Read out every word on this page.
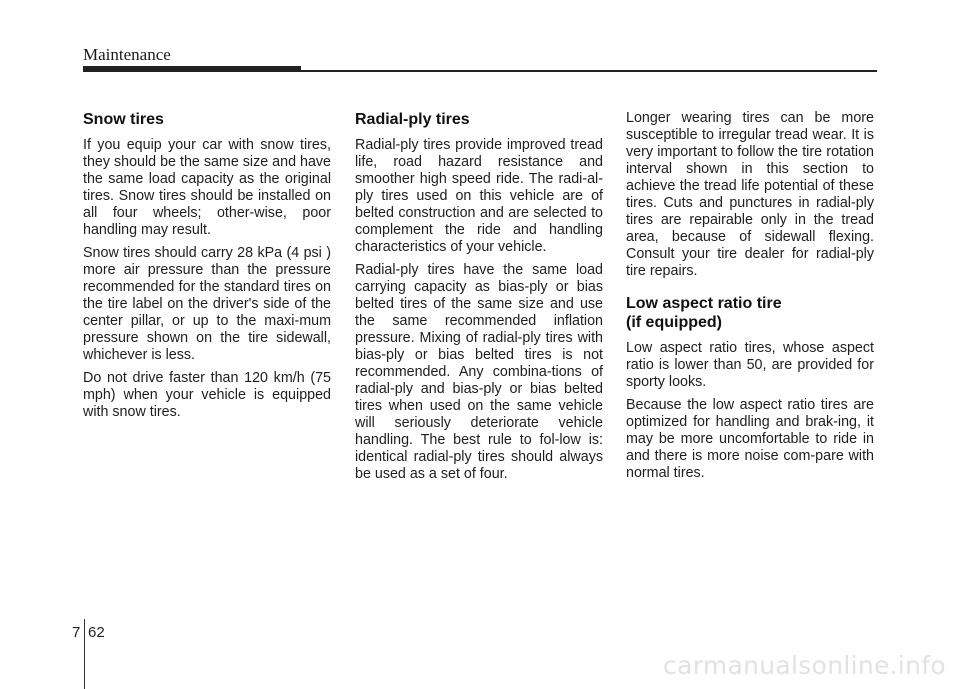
Maintenance
Snow tires

If you equip your car with snow tires, they should be the same size and have the same load capacity as the original tires. Snow tires should be installed on all four wheels; other-wise, poor handling may result.

Snow tires should carry 28 kPa (4 psi ) more air pressure than the pressure recommended for the standard tires on the tire label on the driver's side of the center pillar, or up to the maxi-mum pressure shown on the tire sidewall, whichever is less.

Do not drive faster than 120 km/h (75 mph) when your vehicle is equipped with snow tires.

Radial-ply tires

Radial-ply tires provide improved tread life, road hazard resistance and smoother high speed ride. The radi-al-ply tires used on this vehicle are of belted construction and are selected to complement the ride and handling characteristics of your vehicle.

Radial-ply tires have the same load carrying capacity as bias-ply or bias belted tires of the same size and use the same recommended inflation pressure. Mixing of radial-ply tires with bias-ply or bias belted tires is not recommended. Any combina-tions of radial-ply and bias-ply or bias belted tires when used on the same vehicle will seriously deteriorate vehicle handling. The best rule to fol-low is: identical radial-ply tires should always be used as a set of four.

Longer wearing tires can be more susceptible to irregular tread wear. It is very important to follow the tire rotation interval shown in this section to achieve the tread life potential of these tires. Cuts and punctures in radial-ply tires are repairable only in the tread area, because of sidewall flexing. Consult your tire dealer for radial-ply tire repairs.

Low aspect ratio tire
(if equipped)

Low aspect ratio tires, whose aspect ratio is lower than 50, are provided for sporty looks.

Because the low aspect ratio tires are optimized for handling and brak-ing, it may be more uncomfortable to ride in and there is more noise com-pare with normal tires.

7 62
carmanualsonline.info
